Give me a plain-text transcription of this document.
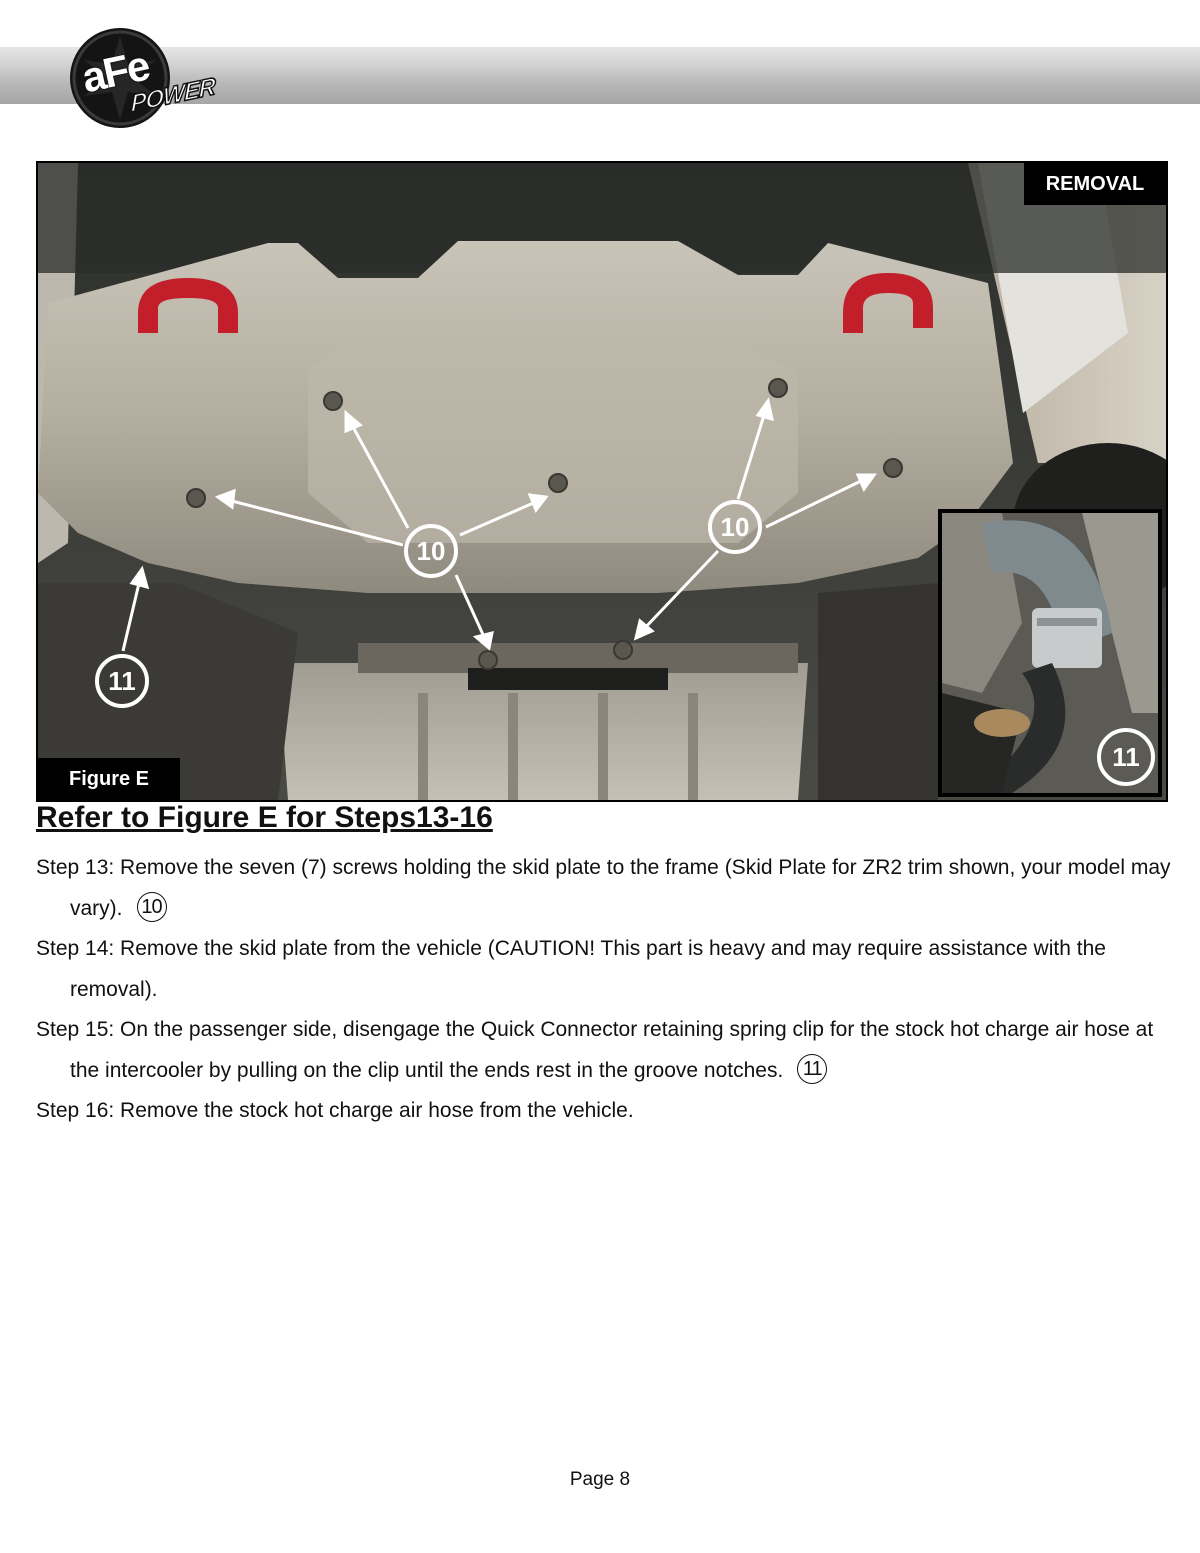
aFe
POWER
10
10
11
REMOVAL
Figure E
11
Refer to Figure E for Steps13-16

Step 13: Remove the seven (7) screws holding the skid plate to the frame (Skid Plate for ZR2 trim shown, your model may vary). 10

Step 14: Remove the skid plate from the vehicle (CAUTION! This part is heavy and may require assistance with the removal).

Step 15: On the passenger side, disengage the Quick Connector retaining spring clip for the stock hot charge air hose at the intercooler by pulling on the clip until the ends rest in the groove notches. 11

Step 16: Remove the stock hot charge air hose from the vehicle.

Page 8
